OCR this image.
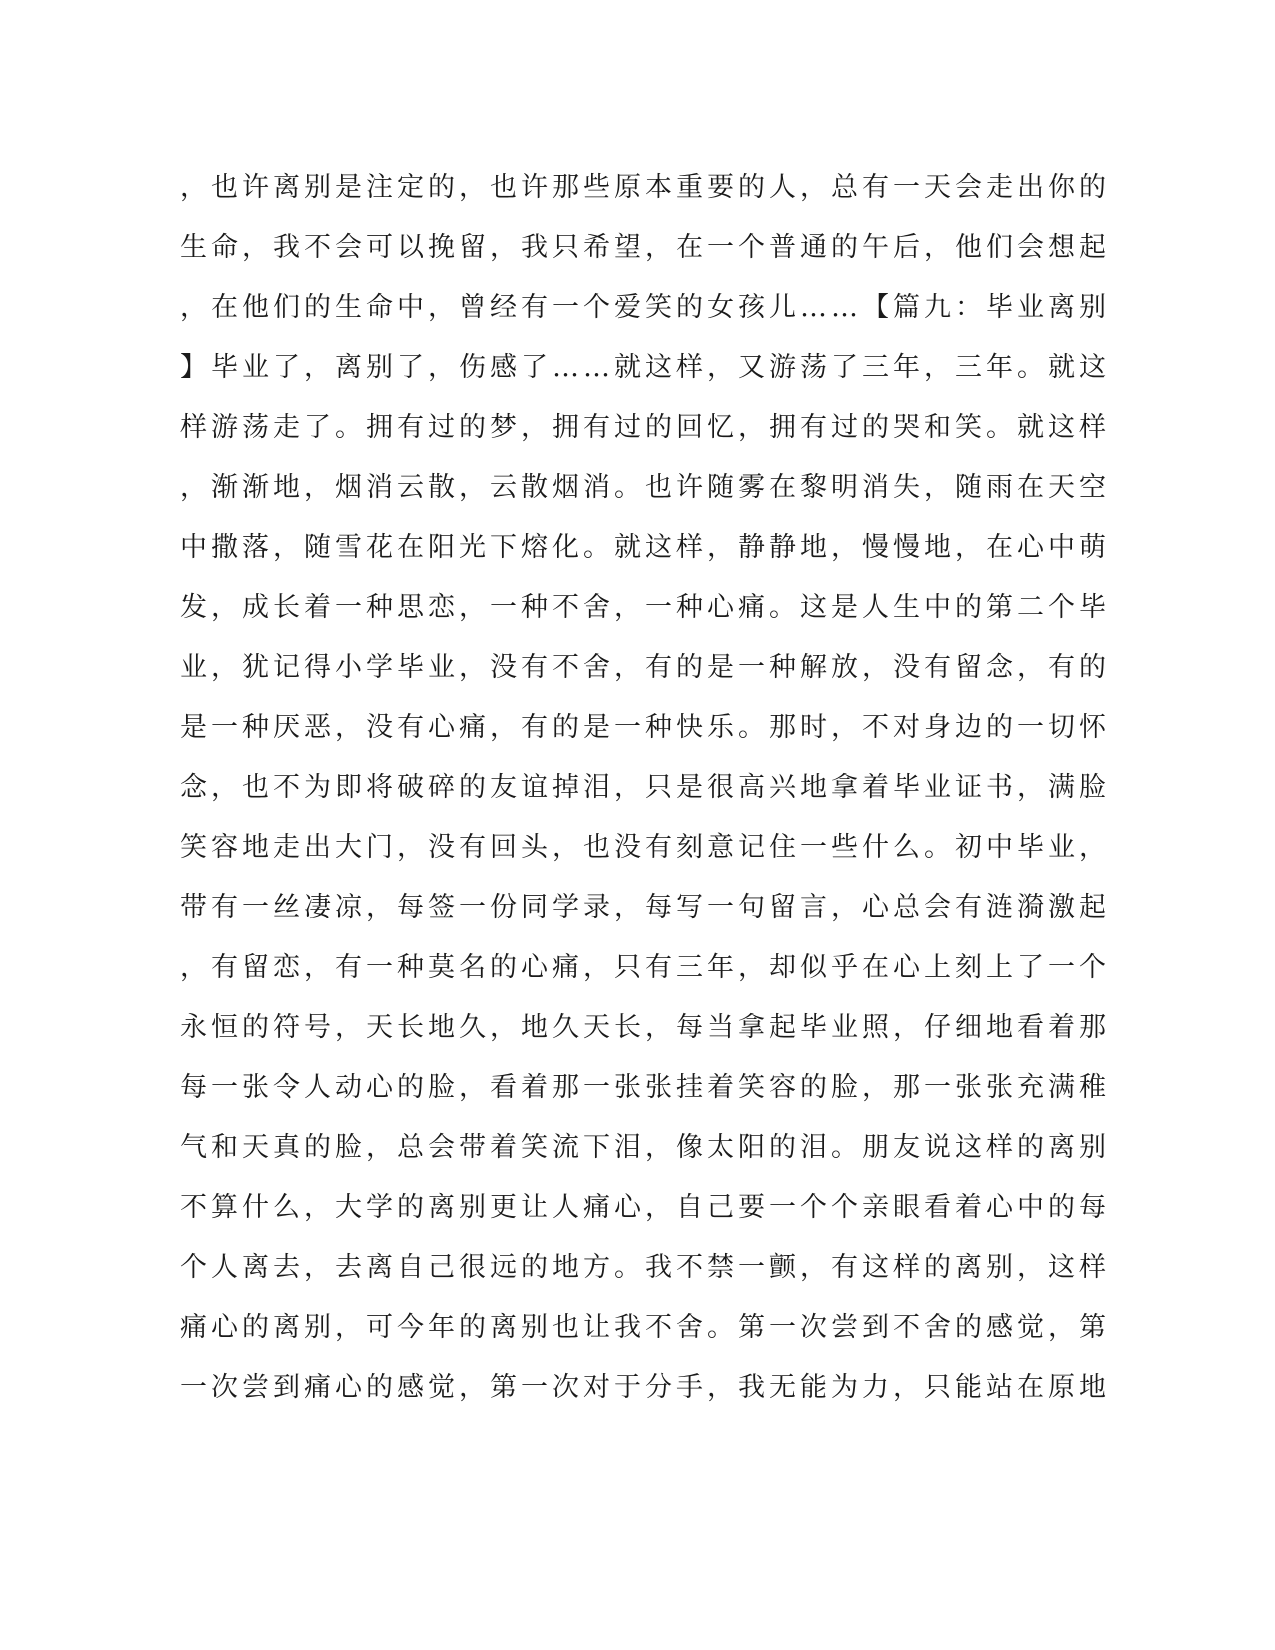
，也许离别是注定的，也许那些原本重要的人，总有一天会走出你的
生命，我不会可以挽留，我只希望，在一个普通的午后，他们会想起
，在他们的生命中，曾经有一个爱笑的女孩儿……【篇九：毕业离别
】毕业了，离别了，伤感了……就这样，又游荡了三年，三年。就这
样游荡走了。拥有过的梦，拥有过的回忆，拥有过的哭和笑。就这样
，渐渐地，烟消云散，云散烟消。也许随雾在黎明消失，随雨在天空
中撒落，随雪花在阳光下熔化。就这样，静静地，慢慢地，在心中萌
发，成长着一种思恋，一种不舍，一种心痛。这是人生中的第二个毕
业，犹记得小学毕业，没有不舍，有的是一种解放，没有留念，有的
是一种厌恶，没有心痛，有的是一种快乐。那时，不对身边的一切怀
念，也不为即将破碎的友谊掉泪，只是很高兴地拿着毕业证书，满脸
笑容地走出大门，没有回头，也没有刻意记住一些什么。初中毕业，
带有一丝凄凉，每签一份同学录，每写一句留言，心总会有涟漪激起
，有留恋，有一种莫名的心痛，只有三年，却似乎在心上刻上了一个
永恒的符号，天长地久，地久天长，每当拿起毕业照，仔细地看着那
每一张令人动心的脸，看着那一张张挂着笑容的脸，那一张张充满稚
气和天真的脸，总会带着笑流下泪，像太阳的泪。朋友说这样的离别
不算什么，大学的离别更让人痛心，自己要一个个亲眼看着心中的每
个人离去，去离自己很远的地方。我不禁一颤，有这样的离别，这样
痛心的离别，可今年的离别也让我不舍。第一次尝到不舍的感觉，第
一次尝到痛心的感觉，第一次对于分手，我无能为力，只能站在原地
